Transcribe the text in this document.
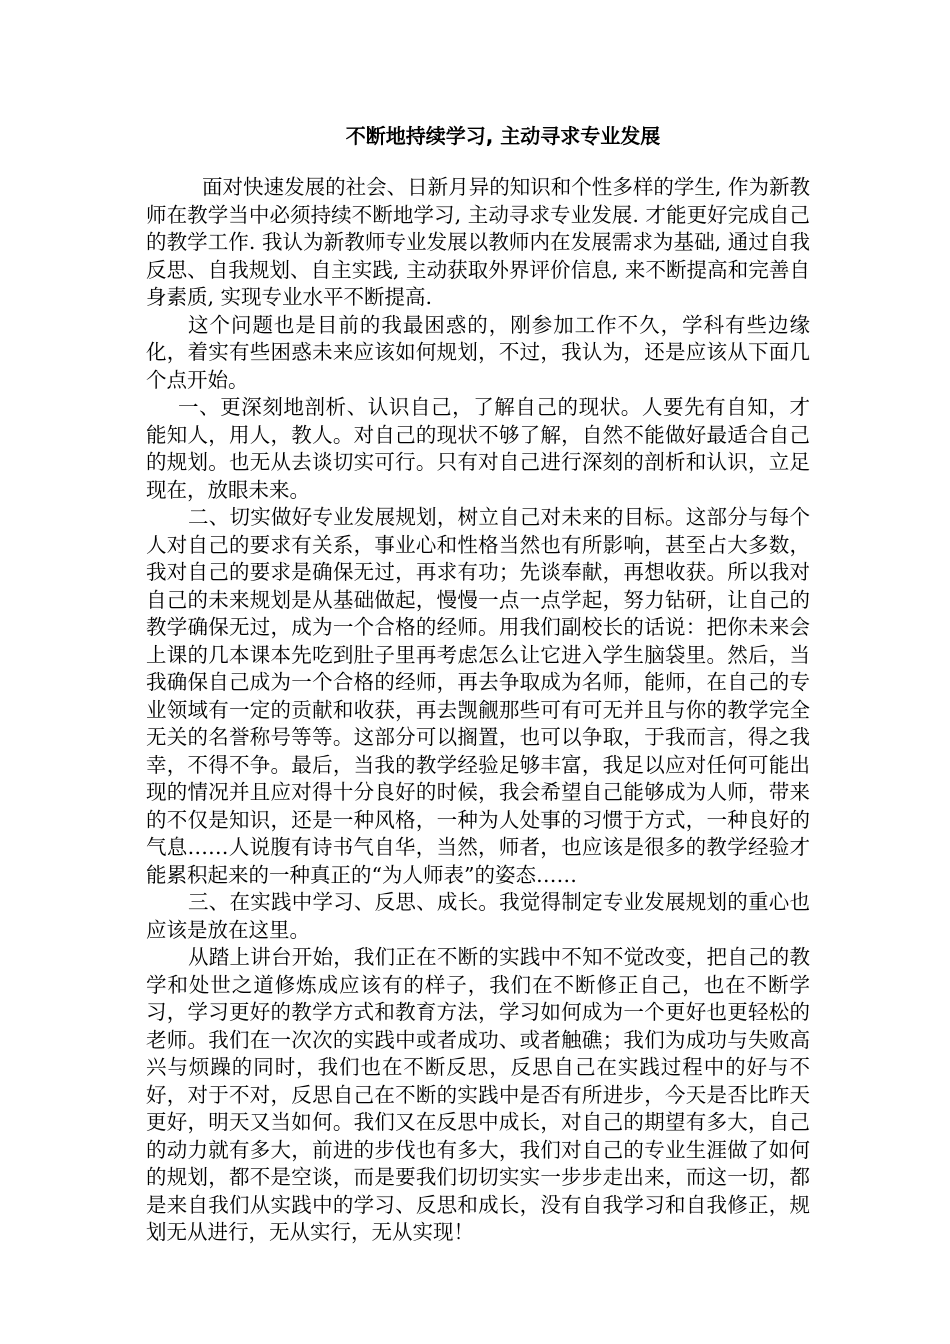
不断地持续学习, 主动寻求专业发展

面对快速发展的社会、日新月异的知识和个性多样的学生, 作为新教师在教学当中必须持续不断地学习, 主动寻求专业发展. 才能更好完成自己的教学工作. 我认为新教师专业发展以教师内在发展需求为基础, 通过自我反思、自我规划、自主实践, 主动获取外界评价信息, 来不断提高和完善自身素质, 实现专业水平不断提高.

这个问题也是目前的我最困惑的，刚参加工作不久，学科有些边缘化，着实有些困惑未来应该如何规划，不过，我认为，还是应该从下面几个点开始。

一、更深刻地剖析、认识自己，了解自己的现状。人要先有自知，才能知人，用人，教人。对自己的现状不够了解，自然不能做好最适合自己的规划。也无从去谈切实可行。只有对自己进行深刻的剖析和认识，立足现在，放眼未来。

二、切实做好专业发展规划，树立自己对未来的目标。这部分与每个人对自己的要求有关系，事业心和性格当然也有所影响，甚至占大多数，我对自己的要求是确保无过，再求有功；先谈奉献，再想收获。所以我对自己的未来规划是从基础做起，慢慢一点一点学起，努力钻研，让自己的教学确保无过，成为一个合格的经师。用我们副校长的话说：把你未来会上课的几本课本先吃到肚子里再考虑怎么让它进入学生脑袋里。然后，当我确保自己成为一个合格的经师，再去争取成为名师，能师，在自己的专业领域有一定的贡献和收获，再去觊觎那些可有可无并且与你的教学完全无关的名誉称号等等。这部分可以搁置，也可以争取，于我而言，得之我幸，不得不争。最后，当我的教学经验足够丰富，我足以应对任何可能出现的情况并且应对得十分良好的时候，我会希望自己能够成为人师，带来的不仅是知识，还是一种风格，一种为人处事的习惯于方式，一种良好的气息……人说腹有诗书气自华，当然，师者，也应该是很多的教学经验才能累积起来的一种真正的“为人师表”的姿态……

三、在实践中学习、反思、成长。我觉得制定专业发展规划的重心也应该是放在这里。

从踏上讲台开始，我们正在不断的实践中不知不觉改变，把自己的教学和处世之道修炼成应该有的样子，我们在不断修正自己，也在不断学习，学习更好的教学方式和教育方法，学习如何成为一个更好也更轻松的老师。我们在一次次的实践中或者成功、或者触礁；我们为成功与失败高兴与烦躁的同时，我们也在不断反思，反思自己在实践过程中的好与不好，对于不对，反思自己在不断的实践中是否有所进步，今天是否比昨天更好，明天又当如何。我们又在反思中成长，对自己的期望有多大，自己的动力就有多大，前进的步伐也有多大，我们对自己的专业生涯做了如何的规划，都不是空谈，而是要我们切切实实一步步走出来，而这一切，都是来自我们从实践中的学习、反思和成长，没有自我学习和自我修正，规划无从进行，无从实行，无从实现！
